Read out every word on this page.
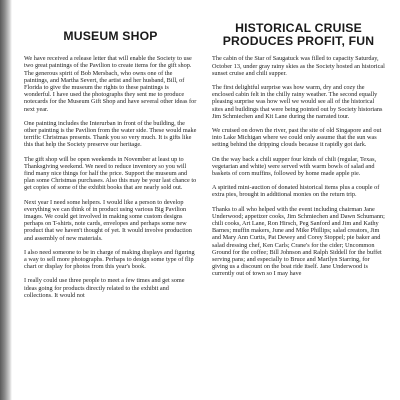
MUSEUM SHOP

We have received a release letter that will enable the Society to use two great paintings of the Pavilion to create items for the gift shop. The generous spirit of Bob Mersbach, who owns one of the paintings, and Martha Severt, the artist and her husband, Bill, of Florida to give the museum the rights to these paintings is wonderful. I have used the photographs they sent me to produce notecards for the Museum Gift Shop and have several other ideas for next year.

One painting includes the Interurban in front of the building, the other painting is the Pavilion from the water side. These would make terrific Christmas presents. Thank you so very much. It is gifts like this that help the Society preserve our heritage.

The gift shop will be open weekends in November at least up to Thanksgiving weekend. We need to reduce inventory so you will find many nice things for half the price. Support the museum and plan some Christmas purchases. Also this may be your last chance to get copies of some of the exhibit books that are nearly sold out.

Next year I need some helpers. I would like a person to develop everything we can think of in product using various Big Pavilion images. We could get involved in making some custom designs perhaps on T-shirts, note cards, envelopes and perhaps some new product that we haven't thought of yet. It would involve production and assembly of new materials.

I also need someone to be in charge of making displays and figuring a way to sell more photographs. Perhaps to design some type of flip chart or display for photos from this year's book.

I really could use three people to meet a few times and get some ideas going for products directly related to the exhibit and collections. It would not

HISTORICAL CRUISE
PRODUCES PROFIT, FUN

The cabin of the Star of Saugatuck was filled to capacity Saturday, October 13, under gray rainy skies as the Society hosted an historical sunset cruise and chili supper.

The first delightful surprise was how warm, dry and cozy the enclosed cabin felt in the chilly rainy weather. The second equally pleasing surprise was how well we would see all of the historical sites and buildings that were being pointed out by Society historians Jim Schmiechen and Kit Lane during the narrated tour.

We cruised on down the river, past the site of old Singapore and out into Lake Michigan where we could only assume that the sun was setting behind the dripping clouds because it rapidly got dark.

On the way back a chili supper four kinds of chili (regular, Texas, vegetarian and white) were served with warm bowls of salad and baskets of corn muffins, followed by home made apple pie.

A spirited mini-auction of donated historical items plus a couple of extra pies, brought in additional monies on the return trip.

Thanks to all who helped with the event including chairman Jane Underwood; appetizer cooks, Jim Schmiechen and Dawn Schumann; chili cooks, Art Lane, Ron Hirsch, Peg Sanford and Jim and Kathy Barnes; muffin makers, June and Mike Phillips; salad creators, Jim and Mary Ann Curtis, Pat Dewey and Corey Stoppel; pie baker and salad dressing chef, Ken Carls; Crane's for the cider; Uncommon Ground for the coffee; Bill Johnson and Ralph Siddell for the buffet serving pans; and especially to Bruce and Marilyn Starring, for giving us a discount on the boat ride itself. Jane Underwood is currently out of town so I may have
